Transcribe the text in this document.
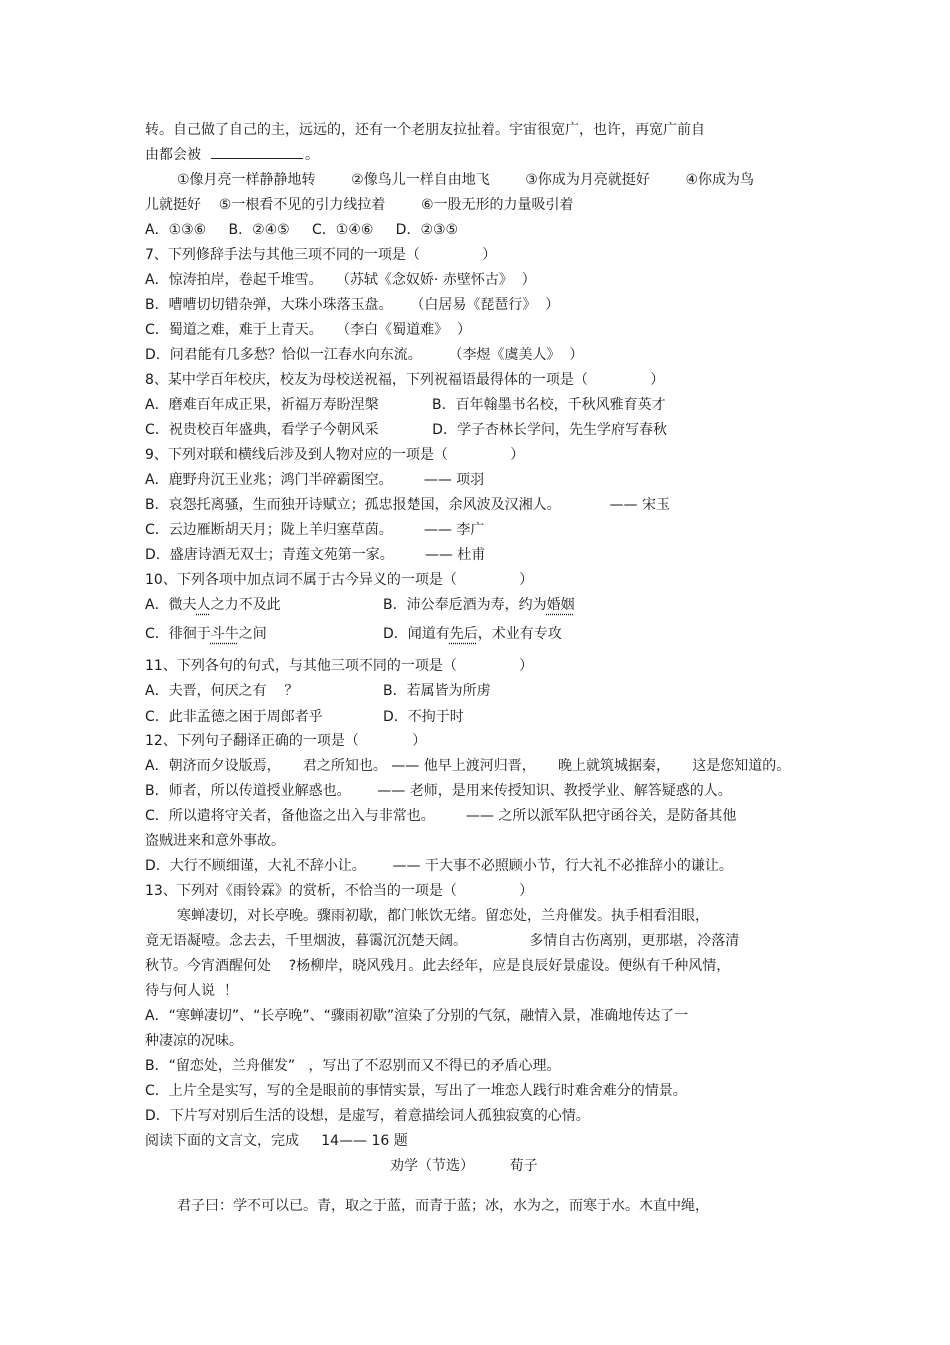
转。自己做了自己的主，远远的，还有一个老朋友拉扯着。宇宙很宽广，也许，再宽广前自
由都会被	。
①像月亮一样静静地转        ②像鸟儿一样自由地飞        ③你成为月亮就挺好        ④你成为鸟
儿就挺好    ⑤一根看不见的引力线拉着        ⑥一股无形的力量吸引着
A．①③⑥     B．②④⑤     C．①④⑥     D．②③⑤
7、下列修辞手法与其他三项不同的一项是（              ）
A．惊涛拍岸，卷起千堆雪。   （苏轼《念奴娇· 赤壁怀古》  ）
B．嘈嘈切切错杂弹，大珠小珠落玉盘。    （白居易《琵琶行》  ）
C．蜀道之难，难于上青天。   （李白《蜀道难》  ）
D．问君能有几多愁？恰似一江春水向东流。      （李煜《虞美人》  ）
8、某中学百年校庆，校友为母校送祝福，下列祝福语最得体的一项是（              ）
A．磨难百年成正果，祈福万寿盼涅槃            B．百年翰墨书名校，千秋风雅育英才
C．祝贵校百年盛典，看学子今朝风采            D．学子杏林长学问，先生学府写春秋
9、下列对联和横线后涉及到人物对应的一项是（              ）
A．鹿野舟沉王业兆；鸿门半碎霸图空。       —— 项羽
B．哀怨托离骚，生而独开诗赋立；孤忠报楚国，余风波及汉湘人。           —— 宋玉
C．云边雁断胡天月；陇上羊归塞草茵。       —— 李广
D．盛唐诗酒无双士；青莲文苑第一家。       —— 杜甫
10、下列各项中加点词不属于古今异义的一项是（              ）
A．微夫人之力不及此	B．沛公奉卮酒为寿，约为婚姻
C．徘徊于斗牛之间	D．闻道有先后，术业有专攻
11、下列各句的句式，与其他三项不同的一项是（              ）
A．夫晋，何厌之有    ？	B．若属皆为所虏
C．此非孟德之困于周郎者乎	D．不拘于时
12、下列句子翻译正确的一项是（            ）
A．朝济而夕设版焉，     君之所知也。 —— 他早上渡河归晋，     晚上就筑城据秦，     这是您知道的。
B．师者，所以传道授业解惑也。      —— 老师，是用来传授知识、教授学业、解答疑惑的人。
C．所以遣将守关者，备他盗之出入与非常也。       —— 之所以派军队把守函谷关，是防备其他
盗贼进来和意外事故。
D．大行不顾细谨，大礼不辞小让。      —— 干大事不必照顾小节，行大礼不必推辞小的谦让。
13、下列对《雨铃霖》的赏析，不恰当的一项是（              ）
寒蝉凄切，对长亭晚。骤雨初歇，都门帐饮无绪。留恋处，兰舟催发。执手相看泪眼，
竟无语凝噎。念去去，千里烟波，暮霭沉沉楚天阔。              多情自古伤离别，更那堪，冷落清
秋节。今宵酒醒何处    ?杨柳岸，晓风残月。此去经年，应是良辰好景虚设。便纵有千种风情，
待与何人说  ！
A．“寒蝉凄切”、“长亭晚”、“骤雨初歇”渲染了分别的气氛，融情入景，准确地传达了一
种凄凉的况味。
B．“留恋处，兰舟催发”   ，写出了不忍别而又不得已的矛盾心理。
C．上片全是实写，写的全是眼前的事情实景，写出了一堆恋人践行时难舍难分的情景。
D．下片写对别后生活的设想，是虚写，着意描绘词人孤独寂寞的心情。
阅读下面的文言文，完成     14—— 16 题
劝学（节选）        荀子
君子曰：学不可以已。青，取之于蓝，而青于蓝；冰，水为之，而寒于水。木直中绳，
